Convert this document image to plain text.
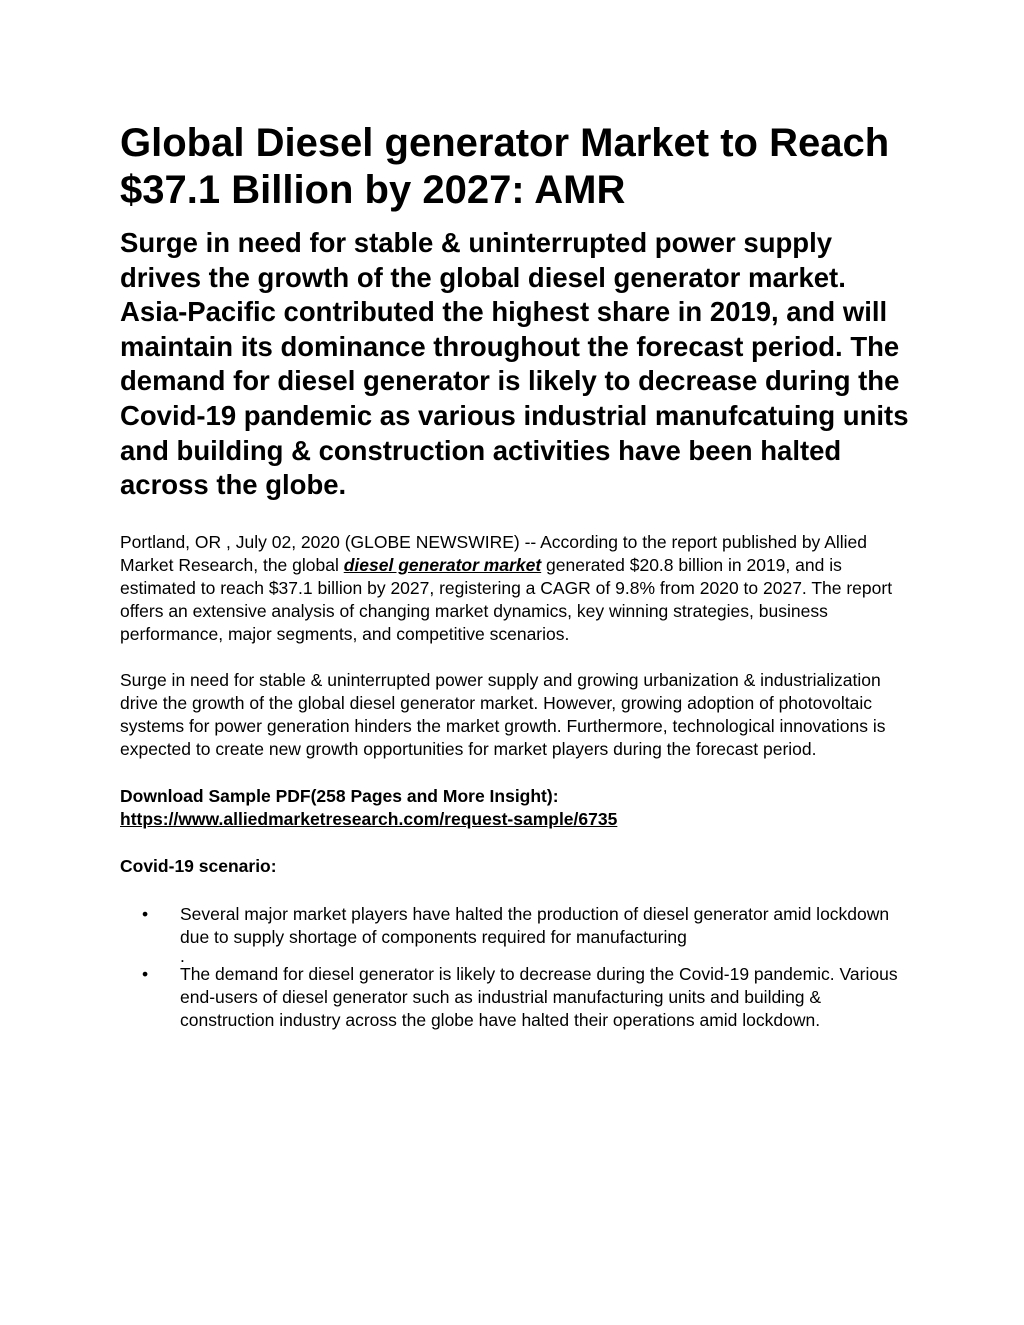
Global Diesel generator Market to Reach $37.1 Billion by 2027: AMR
Surge in need for stable & uninterrupted power supply drives the growth of the global diesel generator market. Asia-Pacific contributed the highest share in 2019, and will maintain its dominance throughout the forecast period. The demand for diesel generator is likely to decrease during the Covid-19 pandemic as various industrial manufcatuing units and building & construction activities have been halted across the globe.

Portland, OR , July 02, 2020 (GLOBE NEWSWIRE) -- According to the report published by Allied Market Research, the global diesel generator market generated $20.8 billion in 2019, and is estimated to reach $37.1 billion by 2027, registering a CAGR of 9.8% from 2020 to 2027. The report offers an extensive analysis of changing market dynamics, key winning strategies, business performance, major segments, and competitive scenarios.

Surge in need for stable & uninterrupted power supply and growing urbanization & industrialization drive the growth of the global diesel generator market. However, growing adoption of photovoltaic systems for power generation hinders the market growth. Furthermore, technological innovations is expected to create new growth opportunities for market players during the forecast period.

Download Sample PDF(258 Pages and More Insight): https://www.alliedmarketresearch.com/request-sample/6735

Covid-19 scenario:

• Several major market players have halted the production of diesel generator amid lockdown due to supply shortage of components required for manufacturing
.
• The demand for diesel generator is likely to decrease during the Covid-19 pandemic. Various end-users of diesel generator such as industrial manufacturing units and building & construction industry across the globe have halted their operations amid lockdown.
